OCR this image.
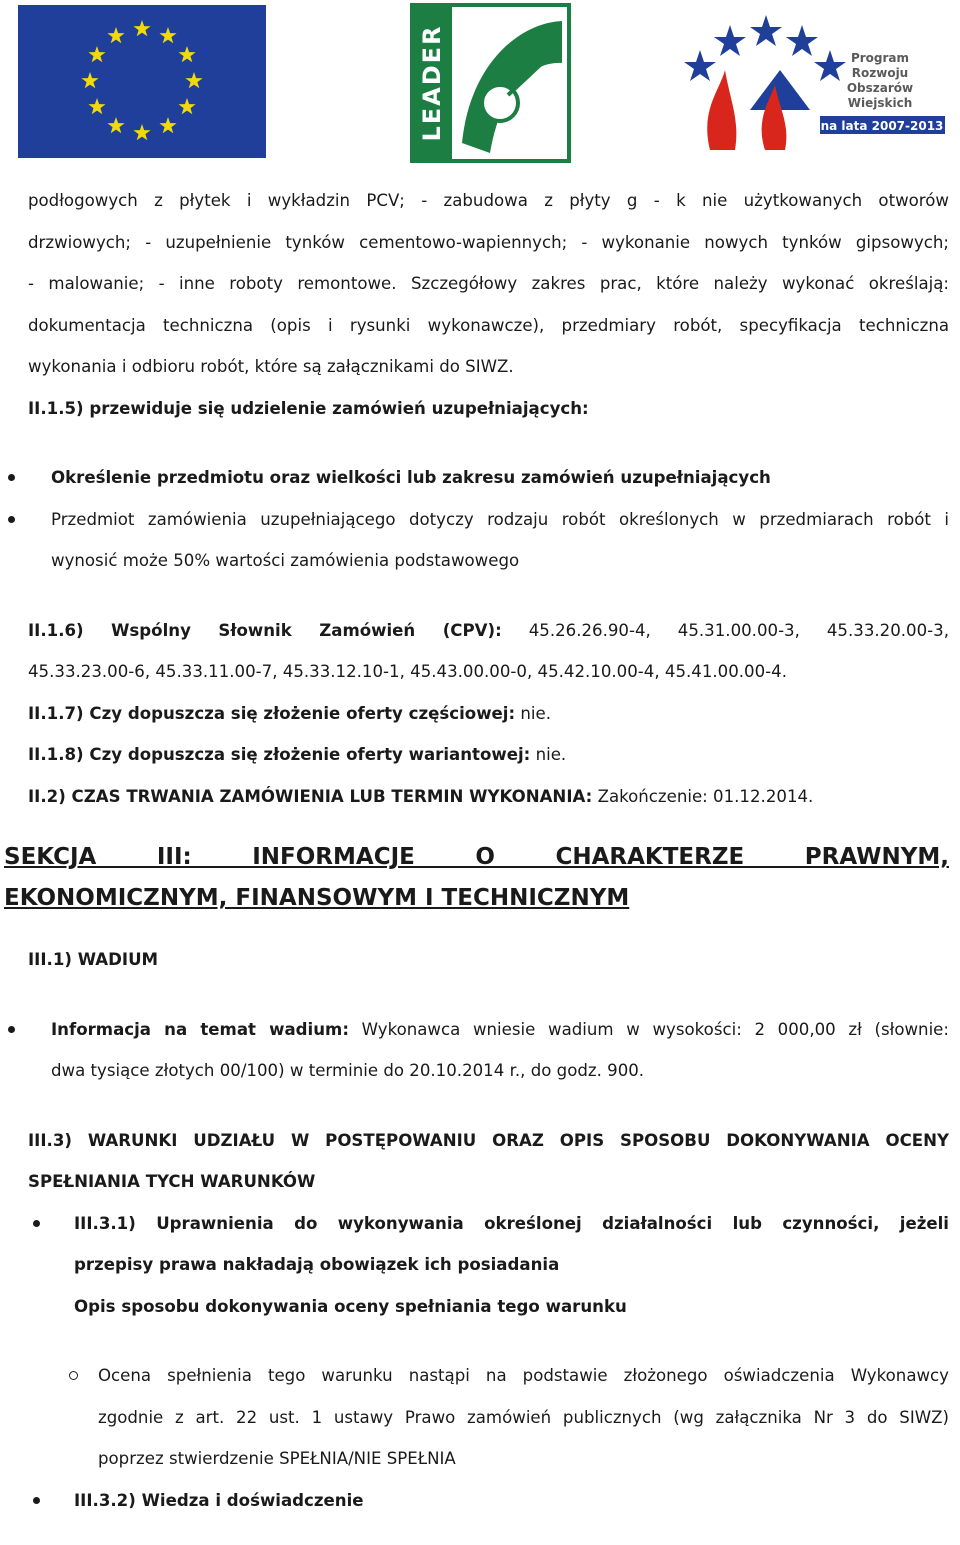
LEADER	Program
Rozwoju
Obszarów
Wiejskich
na lata 2007-2013
podłogowych z płytek i wykładzin PCV; - zabudowa z płyty g - k nie użytkowanych otworów
drzwiowych; - uzupełnienie tynków cementowo-wapiennych; - wykonanie nowych tynków gipsowych;
- malowanie; - inne roboty remontowe. Szczegółowy zakres prac, które należy wykonać określają:
dokumentacja techniczna (opis i rysunki wykonawcze), przedmiary robót, specyfikacja techniczna
wykonania i odbioru robót, które są załącznikami do SIWZ.
II.1.5) przewiduje się udzielenie zamówień uzupełniających:
Określenie przedmiotu oraz wielkości lub zakresu zamówień uzupełniających
Przedmiot zamówienia uzupełniającego dotyczy rodzaju robót określonych w przedmiarach robót i
wynosić może 50% wartości zamówienia podstawowego
II.1.6) Wspólny Słownik Zamówień (CPV): 45.26.26.90-4, 45.31.00.00-3, 45.33.20.00-3,
45.33.23.00-6, 45.33.11.00-7, 45.33.12.10-1, 45.43.00.00-0, 45.42.10.00-4, 45.41.00.00-4.
II.1.7) Czy dopuszcza się złożenie oferty częściowej: nie.
II.1.8) Czy dopuszcza się złożenie oferty wariantowej: nie.
II.2) CZAS TRWANIA ZAMÓWIENIA LUB TERMIN WYKONANIA: Zakończenie: 01.12.2014.
SEKCJA III: INFORMACJE O CHARAKTERZE PRAWNYM,
EKONOMICZNYM, FINANSOWYM I TECHNICZNYM
III.1) WADIUM
Informacja na temat wadium: Wykonawca wniesie wadium w wysokości: 2 000,00 zł (słownie:
dwa tysiące złotych 00/100) w terminie do 20.10.2014 r., do godz. 900.
III.3) WARUNKI UDZIAŁU W POSTĘPOWANIU ORAZ OPIS SPOSOBU DOKONYWANIA OCENY
SPEŁNIANIA TYCH WARUNKÓW
III.3.1) Uprawnienia do wykonywania określonej działalności lub czynności, jeżeli
przepisy prawa nakładają obowiązek ich posiadania
Opis sposobu dokonywania oceny spełniania tego warunku
Ocena spełnienia tego warunku nastąpi na podstawie złożonego oświadczenia Wykonawcy
zgodnie z art. 22 ust. 1 ustawy Prawo zamówień publicznych (wg załącznika Nr 3 do SIWZ)
poprzez stwierdzenie SPEŁNIA/NIE SPEŁNIA
III.3.2) Wiedza i doświadczenie
